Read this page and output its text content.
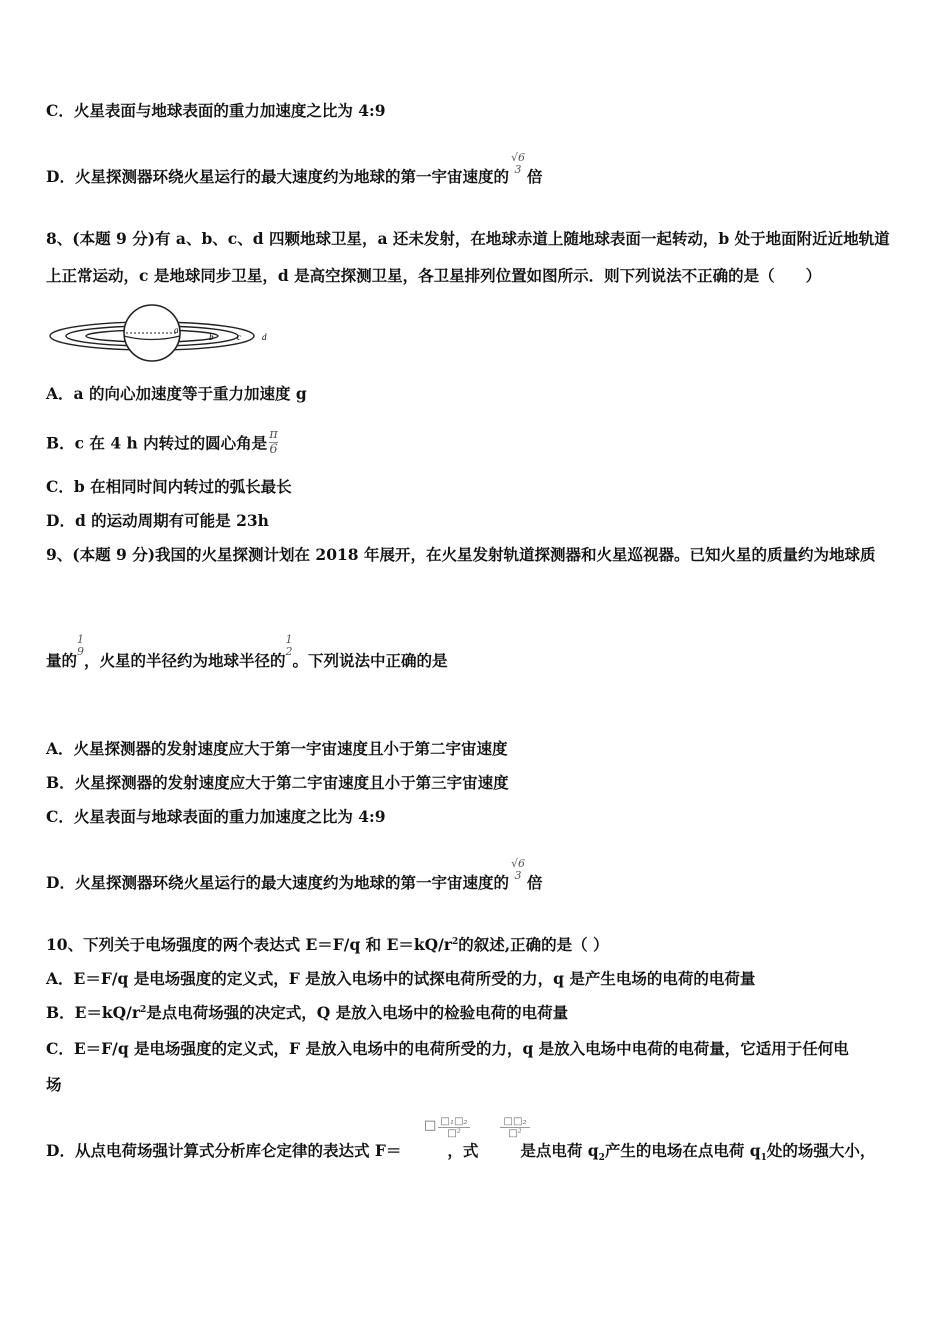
C．火星表面与地球表面的重力加速度之比为 4:9
D．火星探测器环绕火星运行的最大速度约为地球的第一宇宙速度的
√6
3 倍
8、(本题 9 分)有 a、b、c、d 四颗地球卫星，a 还未发射，在地球赤道上随地球表面一起转动，b 处于地面附近近地轨道
上正常运动，c 是地球同步卫星，d 是高空探测卫星，各卫星排列位置如图所示．则下列说法不正确的是（　　）
a
b	c d
A．a 的向心加速度等于重力加速度 g
B．c 在 4 h 内转过的圆心角是 $\frac{\pi}{6}$
C．b 在相同时间内转过的弧长最长
D．d 的运动周期有可能是 23h
9、(本题 9 分)我国的火星探测计划在 2018 年展开，在火星发射轨道探测器和火星巡视器。已知火星的质量约为地球质
量的
1
9 ，火星的半径约为地球半径的
1
2 。下列说法中正确的是
A．火星探测器的发射速度应大于第一宇宙速度且小于第二宇宙速度
B．火星探测器的发射速度应大于第二宇宙速度且小于第三宇宙速度
C．火星表面与地球表面的重力加速度之比为 4:9
D．火星探测器环绕火星运行的最大速度约为地球的第一宇宙速度的
√6
3 倍
10、下列关于电场强度的两个表达式 E＝F/q 和 $E=kQ/r^2$的叙述,正确的是（ ）
A．E＝F/q 是电场强度的定义式，F 是放入电场中的试探电荷所受的力，q 是产生电场的电荷的电荷量
B．$E=kQ/r^2$是点电荷场强的决定式，Q 是放入电场中的检验电荷的电荷量
C．E＝F/q 是电场强度的定义式，F 是放入电场中的电荷所受的力，q 是放入电场中电荷的电荷量，它适用于任何电
场
D．从点电荷场强计算式分析库仑定律的表达式 F＝	，式	是点电荷 $q_2$产生的电场在点电荷 $q_1$处的场强大小，
□ □₁□₂
□²
□□₂
□²
